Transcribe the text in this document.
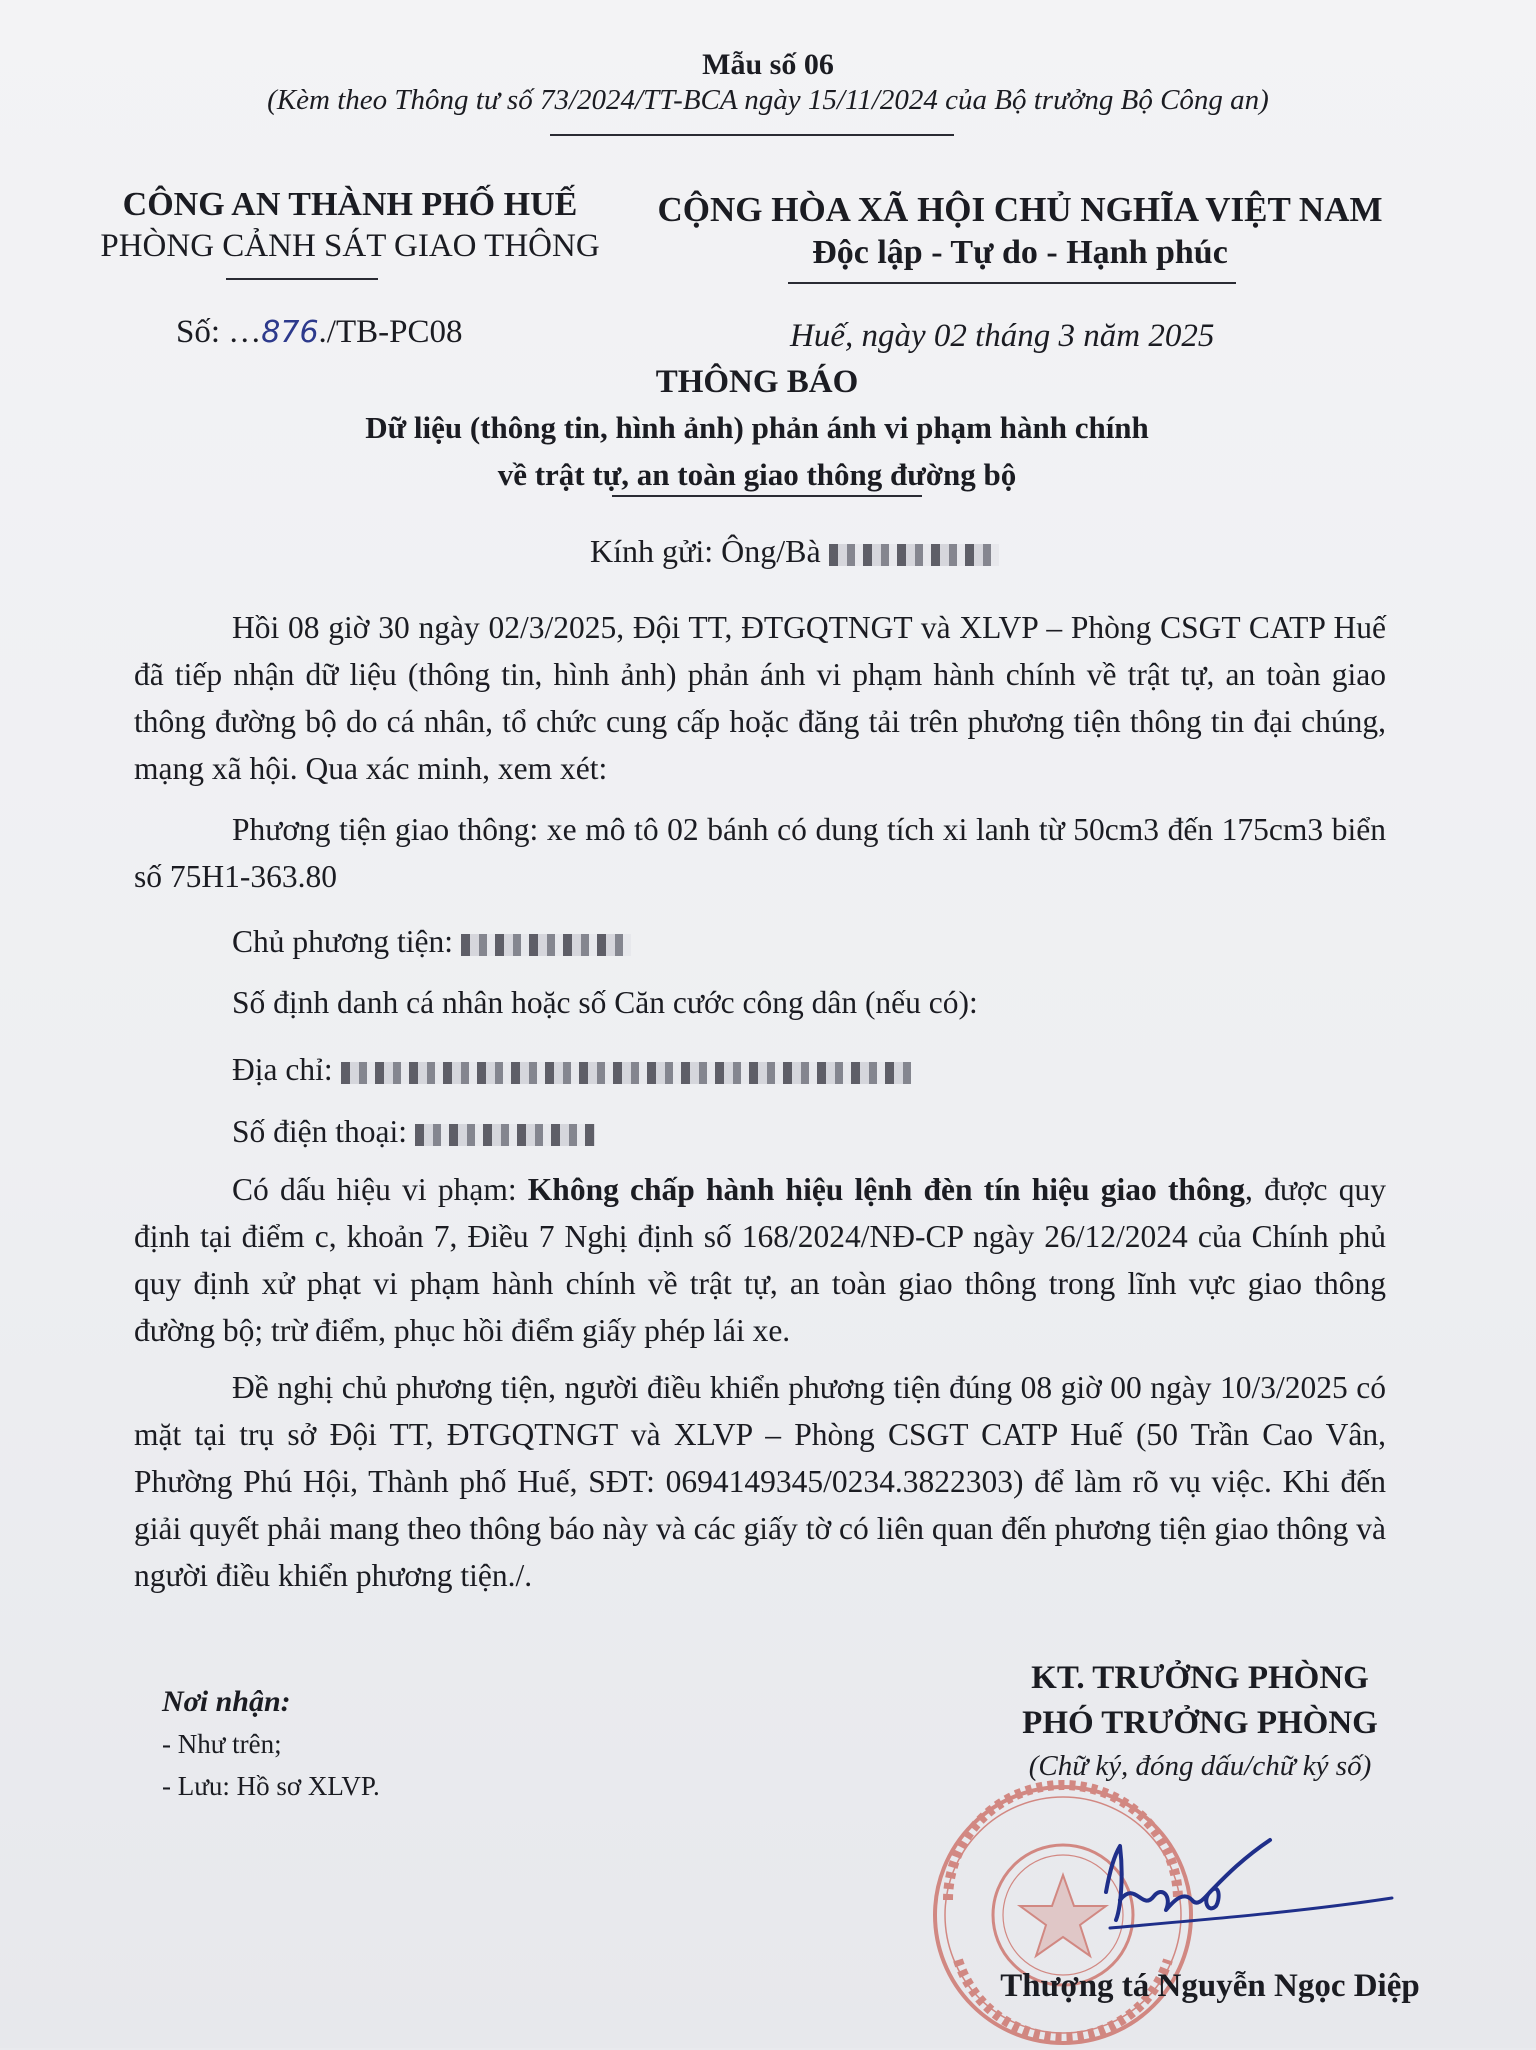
Mẫu số 06
(Kèm theo Thông tư số 73/2024/TT-BCA ngày 15/11/2024 của Bộ trưởng Bộ Công an)
CÔNG AN THÀNH PHỐ HUẾ
PHÒNG CẢNH SÁT GIAO THÔNG
CỘNG HÒA XÃ HỘI CHỦ NGHĨA VIỆT NAM
Độc lập - Tự do - Hạnh phúc
Số: …876./TB-PC08	Huế, ngày 02 tháng 3 năm 2025
THÔNG BÁO
Dữ liệu (thông tin, hình ảnh) phản ánh vi phạm hành chính
về trật tự, an toàn giao thông đường bộ
Kính gửi: Ông/Bà

Hồi 08 giờ 30 ngày 02/3/2025, Đội TT, ĐTGQTNGT và XLVP – Phòng CSGT CATP Huế đã tiếp nhận dữ liệu (thông tin, hình ảnh) phản ánh vi phạm hành chính về trật tự, an toàn giao thông đường bộ do cá nhân, tổ chức cung cấp hoặc đăng tải trên phương tiện thông tin đại chúng, mạng xã hội. Qua xác minh, xem xét:

Phương tiện giao thông: xe mô tô 02 bánh có dung tích xi lanh từ 50cm3 đến 175cm3 biển số 75H1-363.80

Chủ phương tiện:
Số định danh cá nhân hoặc số Căn cước công dân (nếu có):
Địa chỉ:
Số điện thoại:

Có dấu hiệu vi phạm: Không chấp hành hiệu lệnh đèn tín hiệu giao thông, được quy định tại điểm c, khoản 7, Điều 7 Nghị định số 168/2024/NĐ-CP ngày 26/12/2024 của Chính phủ quy định xử phạt vi phạm hành chính về trật tự, an toàn giao thông trong lĩnh vực giao thông đường bộ; trừ điểm, phục hồi điểm giấy phép lái xe.

Đề nghị chủ phương tiện, người điều khiển phương tiện đúng 08 giờ 00 ngày 10/3/2025 có mặt tại trụ sở Đội TT, ĐTGQTNGT và XLVP – Phòng CSGT CATP Huế (50 Trần Cao Vân, Phường Phú Hội, Thành phố Huế, SĐT: 0694149345/0234.3822303) để làm rõ vụ việc. Khi đến giải quyết phải mang theo thông báo này và các giấy tờ có liên quan đến phương tiện giao thông và người điều khiển phương tiện./.

Nơi nhận:
- Như trên;
- Lưu: Hồ sơ XLVP.
KT. TRƯỞNG PHÒNG
PHÓ TRƯỞNG PHÒNG
(Chữ ký, đóng dấu/chữ ký số)
Thượng tá Nguyễn Ngọc Diệp
